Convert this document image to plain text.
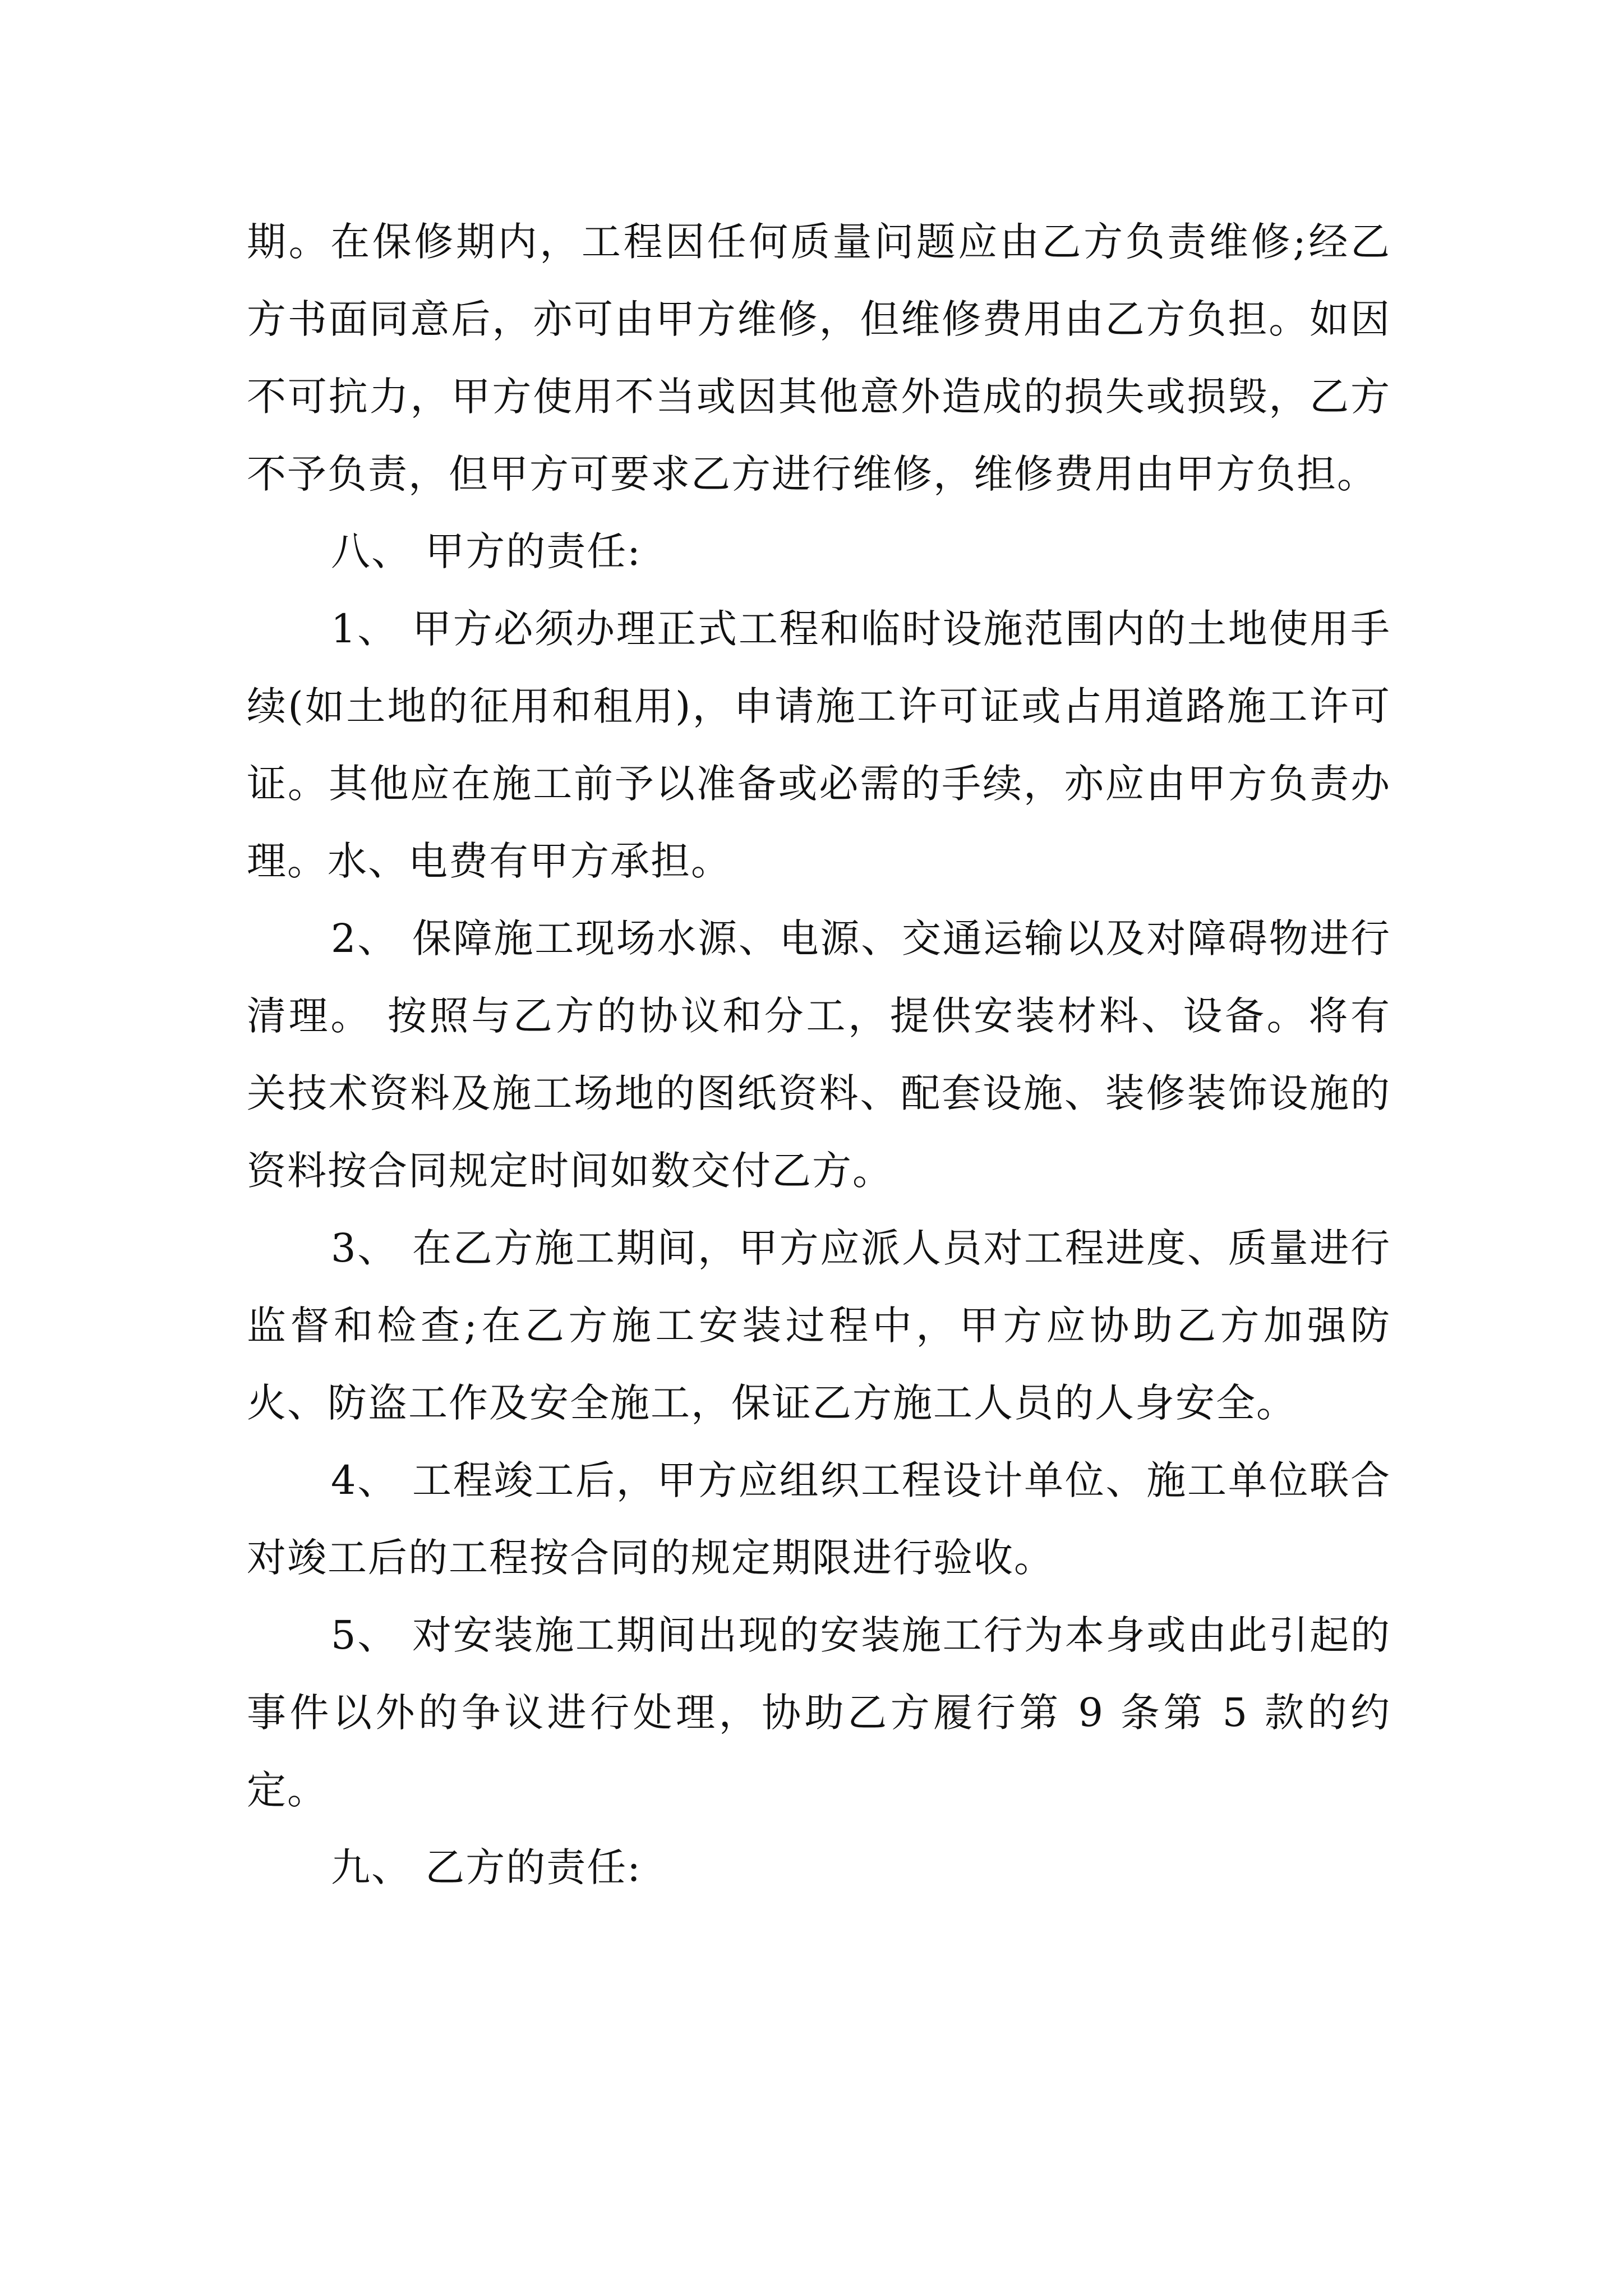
期。在保修期内，工程因任何质量问题应由乙方负责维修;经乙方书面同意后，亦可由甲方维修，但维修费用由乙方负担。如因不可抗力，甲方使用不当或因其他意外造成的损失或损毁，乙方不予负责，但甲方可要求乙方进行维修，维修费用由甲方负担。

八、 甲方的责任:

1、 甲方必须办理正式工程和临时设施范围内的土地使用手续(如土地的征用和租用)，申请施工许可证或占用道路施工许可证。其他应在施工前予以准备或必需的手续，亦应由甲方负责办理。水、电费有甲方承担。

2、 保障施工现场水源、电源、交通运输以及对障碍物进行清理。 按照与乙方的协议和分工，提供安装材料、设备。将有关技术资料及施工场地的图纸资料、配套设施、装修装饰设施的资料按合同规定时间如数交付乙方。

3、 在乙方施工期间，甲方应派人员对工程进度、质量进行监督和检查;在乙方施工安装过程中，甲方应协助乙方加强防火、防盗工作及安全施工，保证乙方施工人员的人身安全。

4、 工程竣工后，甲方应组织工程设计单位、施工单位联合对竣工后的工程按合同的规定期限进行验收。

5、 对安装施工期间出现的安装施工行为本身或由此引起的事件以外的争议进行处理，协助乙方履行第 9 条第 5 款的约定。

九、 乙方的责任:
